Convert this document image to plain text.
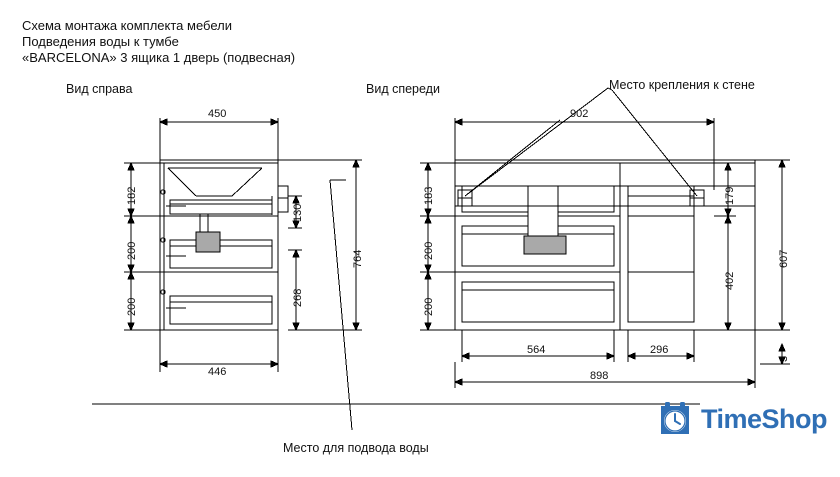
Схема монтажа комплекта мебели
Подведения воды к тумбе
«BARCELONA» 3 ящика 1 дверь (подвесная)
Вид справа	Вид спереди	Место крепления к стене
Место для подвода воды
450
446
182
200
200
130
268
764
902
564	296
898
183
200
200
179
402
607
3
TimeShop
